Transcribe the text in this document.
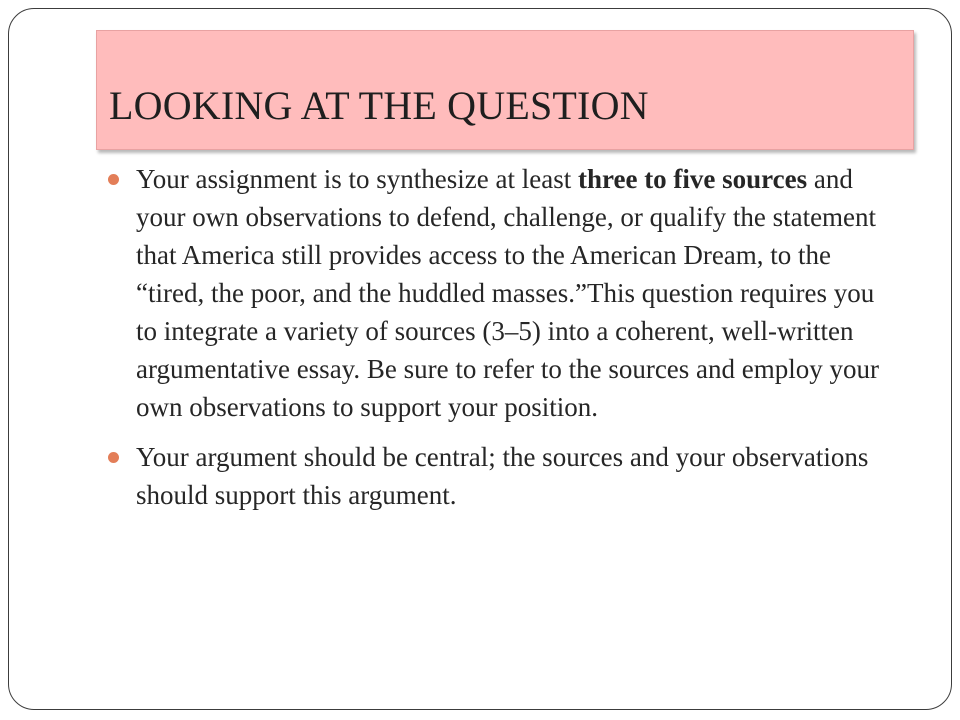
LOOKING AT THE QUESTION

Your assignment is to synthesize at least three to five sources and your own observations to defend, challenge, or qualify the statement that America still provides access to the American Dream, to the “tired, the poor, and the huddled masses.”This question requires you to integrate a variety of sources (3–5) into a coherent, well-written argumentative essay. Be sure to refer to the sources and employ your own observations to support your position.

Your argument should be central; the sources and your observations should support this argument.
